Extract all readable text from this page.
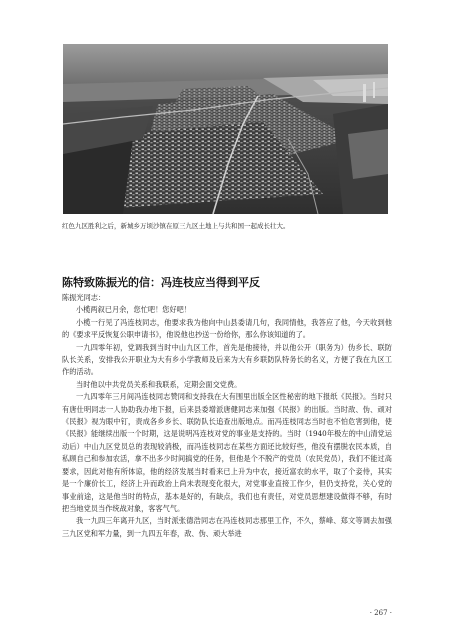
红色九区胜利之后，新城乡万顷沙镇在原三九区土地上与共和国一起成长壮大。
陈特致陈振光的信：冯连枝应当得到平反

陈振光同志：

小榄两叙已月余，您忙吧！您好吧！

小榄一行见了冯连枝同志，他要求我为他向中山县委请几句，我同情他，我答应了他，今天收到他的《要求平反恢复公职申请书》，他说他也抄送一份给你，那么你该知道的了。

一九四零年初，党调我到当时中山九区工作，首先是他接待，并以他公开（职务为）伪乡长、联防队长关系，安排我公开职业为大有乡小学教师及后来为大有乡联防队特务长的名义，方便了我在九区工作的活动。

当时他以中共党员关系和我联系，定期会面交党费。

一九四零年三月间冯连枝同志赞同和支持我在大有围里出版全区性秘密的地下报纸《民报》。当时只有唐仕明同志一人协助我办地下报，后来县委增派唐健同志来加强《民报》的出版。当时敌、伪、顽对《民报》视为眼中钉，责成各乡乡长、联防队长追查出版地点。而冯连枝同志当时也不怕危害到他，使《民报》能继续出版一个时期，这是说明冯连枝对党的事业是支持的。当时（1940年极左的中山清党运动后）中山九区党员总的表现较消极，而冯连枝同志在某些方面还比较好些，他没有摆脱农民本质，自私顾自己和参加农活，拿不出多少时间搞党的任务，但他是个不脱产的党员（农民党员），我们不能过高要求，因此对他有所体谅，他的经济发展当时看来已上升为中农，接近富农的水平，取了个妾侍，其实是一个廉价长工，经济上升而政治上尚未表现变化很大，对党事业直接工作少，但仍支持党，关心党的事业前途，这是他当时的特点，基本是好的，有缺点，我们也有责任，对党员思想建设做得不够，有时把当地党员当作统战对象，客客气气。

我一九四三年离开九区，当时派张德浩同志在冯连枝同志那里工作，不久，蔡峰、郑文等调去加强三九区党和军力量，到一九四五年春，敌、伪、顽大举进

· 267 ·
